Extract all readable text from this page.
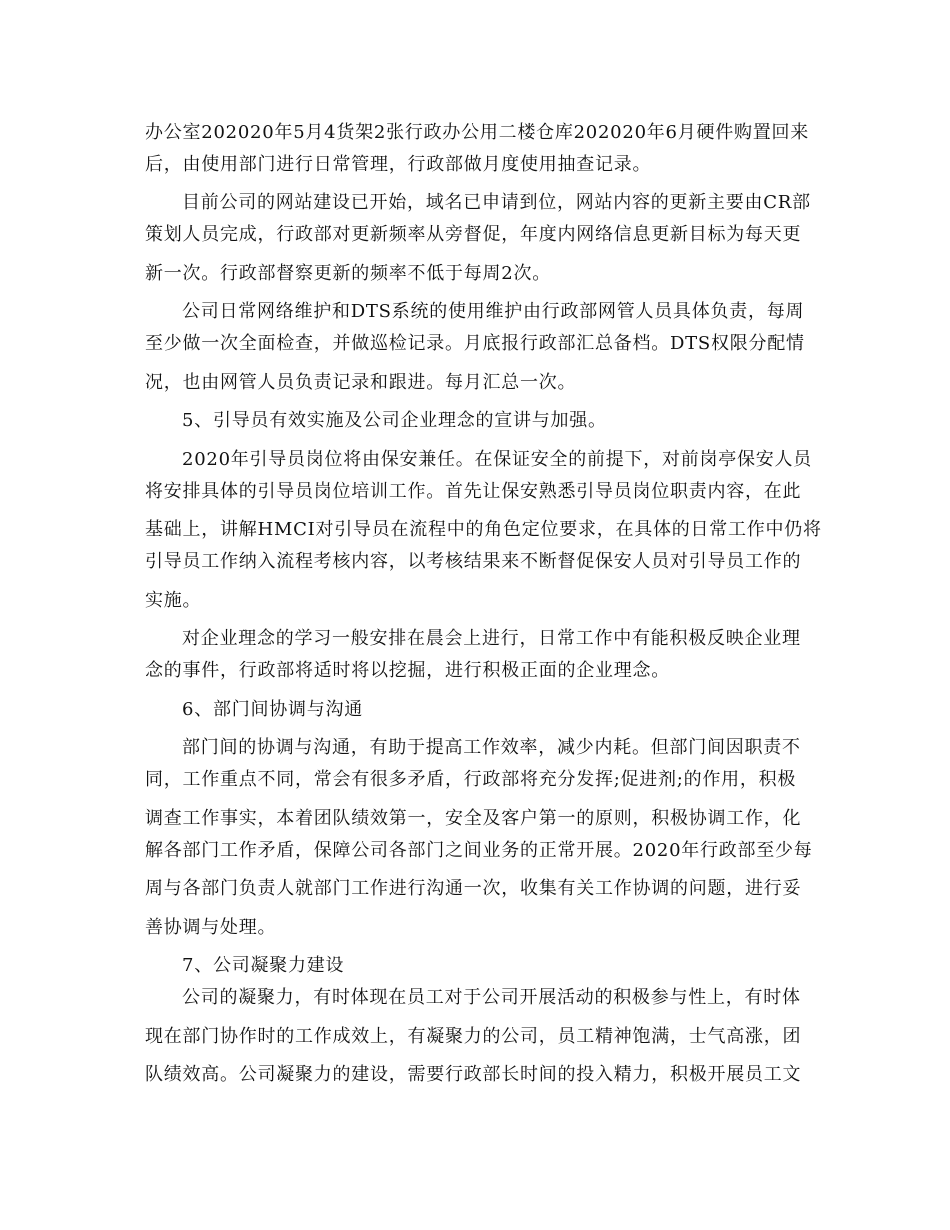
办公室202020年5月4货架2张行政办公用二楼仓库202020年6月硬件购置回来

后，由使用部门进行日常管理，行政部做月度使用抽查记录。

目前公司的网站建设已开始，域名已申请到位，网站内容的更新主要由CR部

策划人员完成，行政部对更新频率从旁督促，年度内网络信息更新目标为每天更

新一次。行政部督察更新的频率不低于每周2次。

公司日常网络维护和DTS系统的使用维护由行政部网管人员具体负责，每周

至少做一次全面检查，并做巡检记录。月底报行政部汇总备档。DTS权限分配情

况，也由网管人员负责记录和跟进。每月汇总一次。

5、引导员有效实施及公司企业理念的宣讲与加强。

2020年引导员岗位将由保安兼任。在保证安全的前提下，对前岗亭保安人员

将安排具体的引导员岗位培训工作。首先让保安熟悉引导员岗位职责内容，在此

基础上，讲解HMCI对引导员在流程中的角色定位要求，在具体的日常工作中仍将

引导员工作纳入流程考核内容，以考核结果来不断督促保安人员对引导员工作的

实施。

对企业理念的学习一般安排在晨会上进行，日常工作中有能积极反映企业理

念的事件，行政部将适时将以挖掘，进行积极正面的企业理念。

6、部门间协调与沟通

部门间的协调与沟通，有助于提高工作效率，减少内耗。但部门间因职责不

同，工作重点不同，常会有很多矛盾，行政部将充分发挥;促进剂;的作用，积极

调查工作事实，本着团队绩效第一，安全及客户第一的原则，积极协调工作，化

解各部门工作矛盾，保障公司各部门之间业务的正常开展。2020年行政部至少每

周与各部门负责人就部门工作进行沟通一次，收集有关工作协调的问题，进行妥

善协调与处理。

7、公司凝聚力建设

公司的凝聚力，有时体现在员工对于公司开展活动的积极参与性上，有时体

现在部门协作时的工作成效上，有凝聚力的公司，员工精神饱满，士气高涨，团

队绩效高。公司凝聚力的建设，需要行政部长时间的投入精力，积极开展员工文
